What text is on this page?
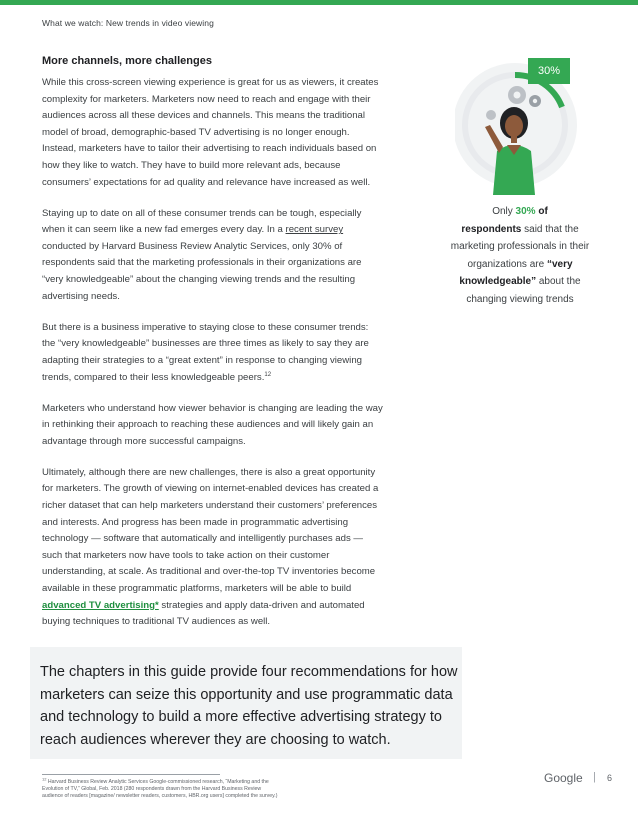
What we watch: New trends in video viewing
More channels, more challenges

While this cross-screen viewing experience is great for us as viewers, it creates complexity for marketers. Marketers now need to reach and engage with their audiences across all these devices and channels. This means the traditional model of broad, demographic-based TV advertising is no longer enough. Instead, marketers have to tailor their advertising to reach individuals based on how they like to watch. They have to build more relevant ads, because consumers’ expectations for ad quality and relevance have increased as well.

Staying up to date on all of these consumer trends can be tough, especially when it can seem like a new fad emerges every day. In a recent survey conducted by Harvard Business Review Analytic Services, only 30% of respondents said that the marketing professionals in their organizations are “very knowledgeable” about the changing viewing trends and the resulting advertising needs.

But there is a business imperative to staying close to these consumer trends: the “very knowledgeable” businesses are three times as likely to say they are adapting their strategies to a “great extent” in response to changing viewing trends, compared to their less knowledgeable peers.$^{12}$

Marketers who understand how viewer behavior is changing are leading the way in rethinking their approach to reaching these audiences and will likely gain an advantage through more successful campaigns.

Ultimately, although there are new challenges, there is also a great opportunity for marketers. The growth of viewing on internet-enabled devices has created a richer dataset that can help marketers understand their customers’ preferences and interests. And progress has been made in programmatic advertising technology — software that automatically and intelligently purchases ads — such that marketers now have tools to take action on their customer understanding, at scale. As traditional and over-the-top TV inventories become available in these programmatic platforms, marketers will be able to build advanced TV advertising* strategies and apply data-driven and automated buying techniques to traditional TV audiences as well.

30%
Only 30% of
respondents said that the marketing professionals in their organizations are “very knowledgeable” about the changing viewing trends
The chapters in this guide provide four recommendations for how marketers can seize this opportunity and use programmatic data and technology to build a more effective advertising strategy to reach audiences wherever they are choosing to watch.
$^{12}$ Harvard Business Review Analytic Services Google-commissioned research, “Marketing and the Evolution of TV,” Global, Feb. 2018 (280 respondents drawn from the Harvard Business Review audience of readers [magazine/ newsletter readers, customers, HBR.org users] completed the survey.)
Google | 6
